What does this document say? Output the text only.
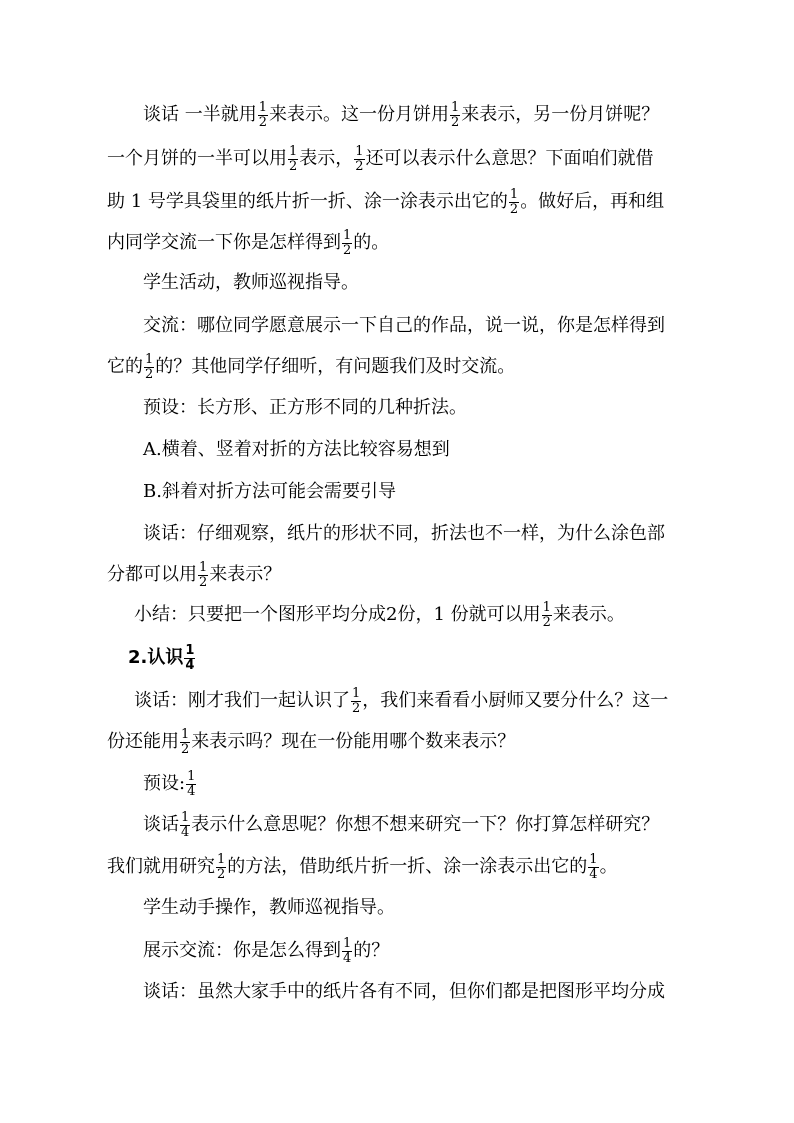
谈话 一半就用 $\frac{1}{2}$ 来表示。这一份月饼用 $\frac{1}{2}$ 来表示，另一份月饼呢？
一个月饼的一半可以用 $\frac{1}{2}$ 表示， $\frac{1}{2}$ 还可以表示什么意思？下面咱们就借
助 1 号学具袋里的纸片折一折、涂一涂表示出它的 $\frac{1}{2}$ 。做好后，再和组
内同学交流一下你是怎样得到 $\frac{1}{2}$ 的。
学生活动，教师巡视指导。
交流：哪位同学愿意展示一下自己的作品，说一说，你是怎样得到
它的 $\frac{1}{2}$ 的？其他同学仔细听，有问题我们及时交流。
预设：长方形、正方形不同的几种折法。
A.横着、竖着对折的方法比较容易想到
B.斜着对折方法可能会需要引导
谈话：仔细观察，纸片的形状不同，折法也不一样，为什么涂色部
分都可以用 $\frac{1}{2}$ 来表示？
小结：只要把一个图形平均分成2份，1 份就可以用 $\frac{1}{2}$ 来表示。
2.认识 $\frac{1}{4}$
谈话：刚才我们一起认识了 $\frac{1}{2}$ ，我们来看看小厨师又要分什么？这一
份还能用 $\frac{1}{2}$ 来表示吗？现在一份能用哪个数来表示？
预设: $\frac{1}{4}$
谈话 $\frac{1}{4}$ 表示什么意思呢？你想不想来研究一下？你打算怎样研究？
我们就用研究 $\frac{1}{2}$ 的方法，借助纸片折一折、涂一涂表示出它的 $\frac{1}{4}$ 。
学生动手操作，教师巡视指导。
展示交流：你是怎么得到 $\frac{1}{4}$ 的？
谈话：虽然大家手中的纸片各有不同，但你们都是把图形平均分成
